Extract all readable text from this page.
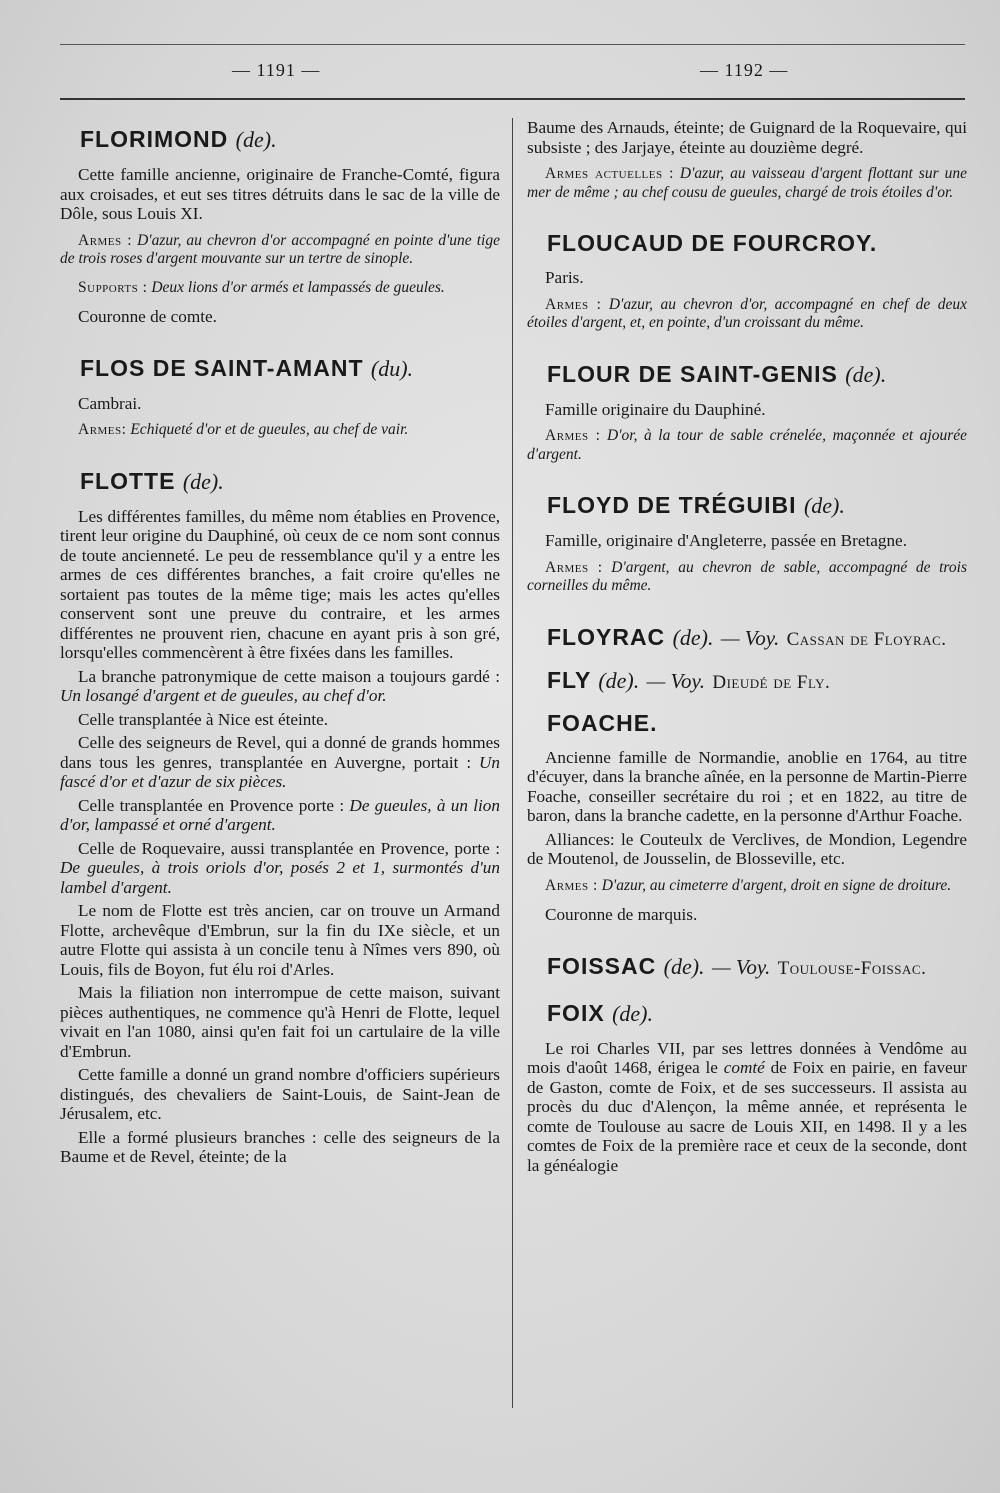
— 1191 —	— 1192 —
FLORIMOND (de).

Cette famille ancienne, originaire de Franche-Comté, figura aux croisades, et eut ses titres détruits dans le sac de la ville de Dôle, sous Louis XI.

Armes : D'azur, au chevron d'or accompagné en pointe d'une tige de trois roses d'argent mouvante sur un tertre de sinople.

Supports : Deux lions d'or armés et lampassés de gueules.

Couronne de comte.

FLOS DE SAINT-AMANT (du).

Cambrai.

Armes: Echiqueté d'or et de gueules, au chef de vair.

FLOTTE (de).

Les différentes familles, du même nom établies en Provence, tirent leur origine du Dauphiné, où ceux de ce nom sont connus de toute ancienneté. Le peu de ressemblance qu'il y a entre les armes de ces différentes branches, a fait croire qu'elles ne sortaient pas toutes de la même tige; mais les actes qu'elles conservent sont une preuve du contraire, et les armes différentes ne prouvent rien, chacune en ayant pris à son gré, lorsqu'elles commencèrent à être fixées dans les familles.

La branche patronymique de cette maison a toujours gardé : Un losangé d'argent et de gueules, au chef d'or.

Celle transplantée à Nice est éteinte.

Celle des seigneurs de Revel, qui a donné de grands hommes dans tous les genres, transplantée en Auvergne, portait : Un fascé d'or et d'azur de six pièces.

Celle transplantée en Provence porte : De gueules, à un lion d'or, lampassé et orné d'argent.

Celle de Roquevaire, aussi transplantée en Provence, porte : De gueules, à trois oriols d'or, posés 2 et 1, surmontés d'un lambel d'argent.

Le nom de Flotte est très ancien, car on trouve un Armand Flotte, archevêque d'Embrun, sur la fin du IXe siècle, et un autre Flotte qui assista à un concile tenu à Nîmes vers 890, où Louis, fils de Boyon, fut élu roi d'Arles.

Mais la filiation non interrompue de cette maison, suivant pièces authentiques, ne commence qu'à Henri de Flotte, lequel vivait en l'an 1080, ainsi qu'en fait foi un cartulaire de la ville d'Embrun.

Cette famille a donné un grand nombre d'officiers supérieurs distingués, des chevaliers de Saint-Louis, de Saint-Jean de Jérusalem, etc.

Elle a formé plusieurs branches : celle des seigneurs de la Baume et de Revel, éteinte; de la

Baume des Arnauds, éteinte; de Guignard de la Roquevaire, qui subsiste ; des Jarjaye, éteinte au douzième degré.

Armes actuelles : D'azur, au vaisseau d'argent flottant sur une mer de même ; au chef cousu de gueules, chargé de trois étoiles d'or.

FLOUCAUD DE FOURCROY.

Paris.

Armes : D'azur, au chevron d'or, accompagné en chef de deux étoiles d'argent, et, en pointe, d'un croissant du même.

FLOUR DE SAINT-GENIS (de).

Famille originaire du Dauphiné.

Armes : D'or, à la tour de sable crénelée, maçonnée et ajourée d'argent.

FLOYD DE TRÉGUIBI (de).

Famille, originaire d'Angleterre, passée en Bretagne.

Armes : D'argent, au chevron de sable, accompagné de trois corneilles du même.

FLOYRAC (de). — Voy. Cassan de Floyrac.
FLY (de). — Voy. Dieudé de Fly.
FOACHE.

Ancienne famille de Normandie, anoblie en 1764, au titre d'écuyer, dans la branche aînée, en la personne de Martin-Pierre Foache, conseiller secrétaire du roi ; et en 1822, au titre de baron, dans la branche cadette, en la personne d'Arthur Foache.

Alliances: le Couteulx de Verclives, de Mondion, Legendre de Moutenol, de Jousselin, de Blosseville, etc.

Armes : D'azur, au cimeterre d'argent, droit en signe de droiture.

Couronne de marquis.

FOISSAC (de). — Voy. Toulouse-Foissac.
FOIX (de).

Le roi Charles VII, par ses lettres données à Vendôme au mois d'août 1468, érigea le comté de Foix en pairie, en faveur de Gaston, comte de Foix, et de ses successeurs. Il assista au procès du duc d'Alençon, la même année, et représenta le comte de Toulouse au sacre de Louis XII, en 1498. Il y a les comtes de Foix de la première race et ceux de la seconde, dont la généalogie
